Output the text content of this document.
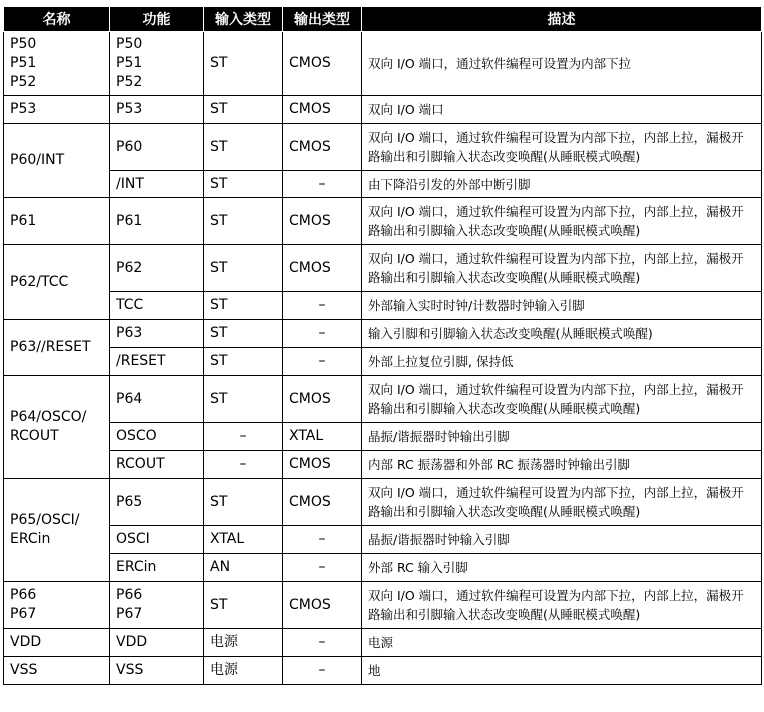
名称	功能	输入类型	输出类型	描述
P50
P51
P52	P50
P51
P52	ST	CMOS	双向 I/O 端口，通过软件编程可设置为内部下拉
P53	P53	ST	CMOS	双向 I/O 端口
P60/INT	P60	ST	CMOS	双向 I/O 端口，通过软件编程可设置为内部下拉，内部上拉，漏极开路输出和引脚输入状态改变唤醒(从睡眠模式唤醒)
	/INT	ST	–	由下降沿引发的外部中断引脚
P61	P61	ST	CMOS	双向 I/O 端口，通过软件编程可设置为内部下拉，内部上拉，漏极开路输出和引脚输入状态改变唤醒(从睡眠模式唤醒)
P62/TCC	P62	ST	CMOS	双向 I/O 端口，通过软件编程可设置为内部下拉，内部上拉，漏极开路输出和引脚输入状态改变唤醒(从睡眠模式唤醒)
	TCC	ST	–	外部输入实时时钟/计数器时钟输入引脚
P63//RESET	P63	ST	–	输入引脚和引脚输入状态改变唤醒(从睡眠模式唤醒)
	/RESET	ST	–	外部上拉复位引脚, 保持低
P64/OSCO/
RCOUT	P64	ST	CMOS	双向 I/O 端口，通过软件编程可设置为内部下拉，内部上拉，漏极开路输出和引脚输入状态改变唤醒(从睡眠模式唤醒)
	OSCO	–	XTAL	晶振/谐振器时钟输出引脚
	RCOUT	–	CMOS	内部 RC 振荡器和外部 RC 振荡器时钟输出引脚
P65/OSCI/
ERCin	P65	ST	CMOS	双向 I/O 端口，通过软件编程可设置为内部下拉，内部上拉，漏极开路输出和引脚输入状态改变唤醒(从睡眠模式唤醒)
	OSCI	XTAL	–	晶振/谐振器时钟输入引脚
	ERCin	AN	–	外部 RC 输入引脚
P66
P67	P66
P67	ST	CMOS	双向 I/O 端口，通过软件编程可设置为内部下拉，内部上拉，漏极开路输出和引脚输入状态改变唤醒(从睡眠模式唤醒)
VDD	VDD	电源	–	电源
VSS	VSS	电源	–	地
